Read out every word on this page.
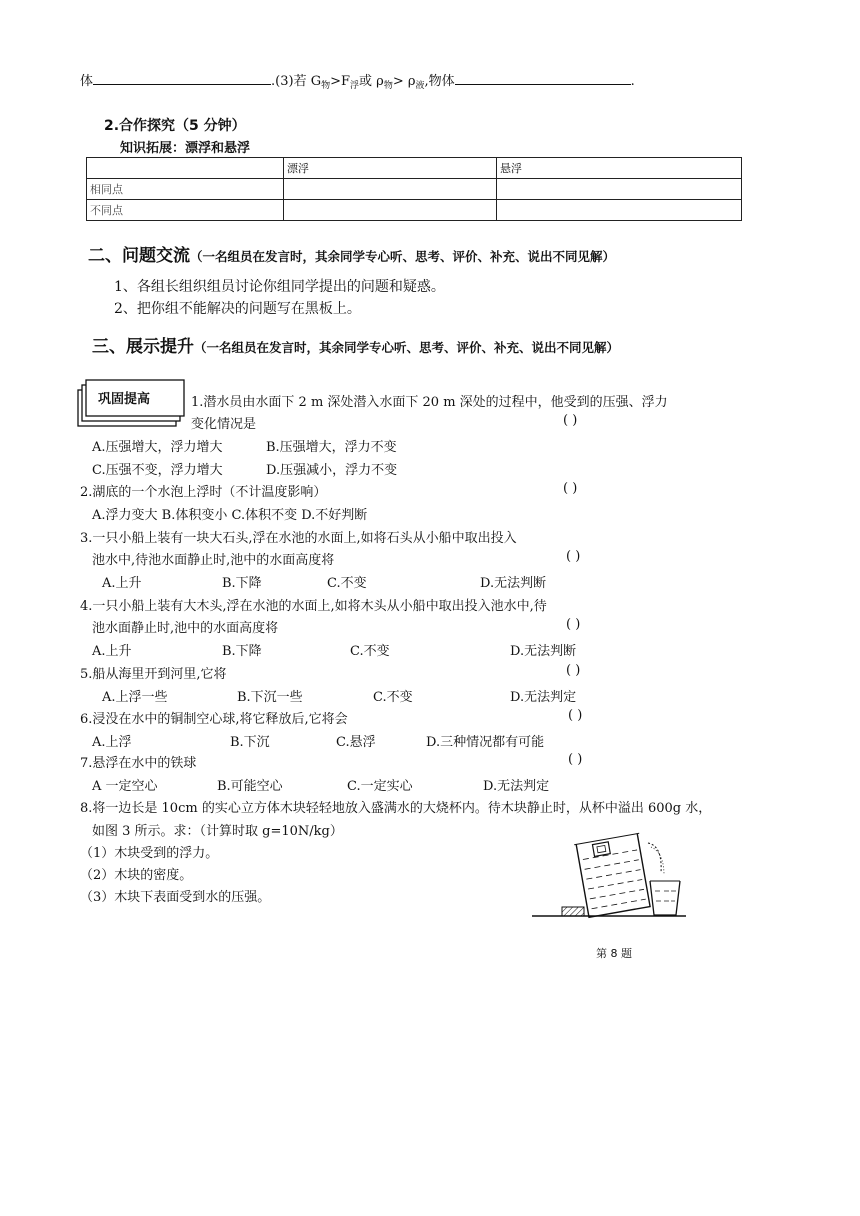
体	.(3)若 $G_物>F_浮$或 $\rho_物> \rho_液$,物体	.
2.合作探究（5 分钟）
知识拓展：漂浮和悬浮
	漂浮	悬浮
相同点		
不同点		
二、问题交流（一名组员在发言时，其余同学专心听、思考、评价、补充、说出不同见解）
1、各组长组织组员讨论你组同学提出的问题和疑惑。
2、把你组不能解决的问题写在黑板上。
三、展示提升（一名组员在发言时，其余同学专心听、思考、评价、补充、说出不同见解）
巩固提高	1.潜水员由水面下 2 m 深处潜入水面下 20 m 深处的过程中，他受到的压强、浮力
变化情况是	( )
A.压强增大，浮力增大	B.压强增大，浮力不变
C.压强不变，浮力增大	D.压强减小，浮力不变
2.湖底的一个水泡上浮时（不计温度影响）	( )
A.浮力变大 B.体积变小 C.体积不变 D.不好判断
3.一只小船上装有一块大石头,浮在水池的水面上,如将石头从小船中取出投入
池水中,待池水面静止时,池中的水面高度将	( )
A.上升	B.下降	C.不变	D.无法判断
4.一只小船上装有大木头,浮在水池的水面上,如将木头从小船中取出投入池水中,待
池水面静止时,池中的水面高度将	( )
A.上升	B.下降	C.不变	D.无法判断
5.船从海里开到河里,它将	( )
A.上浮一些	B.下沉一些	C.不变	D.无法判定
6.浸没在水中的铜制空心球,将它释放后,它将会	( )
A.上浮	B.下沉	C.悬浮	D.三种情况都有可能
7.悬浮在水中的铁球	( )
A 一定空心	B.可能空心	C.一定实心	D.无法判定
8.将一边长是 10cm 的实心立方体木块轻轻地放入盛满水的大烧杯内。待木块静止时，从杯中溢出 600g 水，
如图 3 所示。求：（计算时取 g=10N/kg）
（1）木块受到的浮力。
（2）木块的密度。
（3）木块下表面受到水的压强。
第 8 题
